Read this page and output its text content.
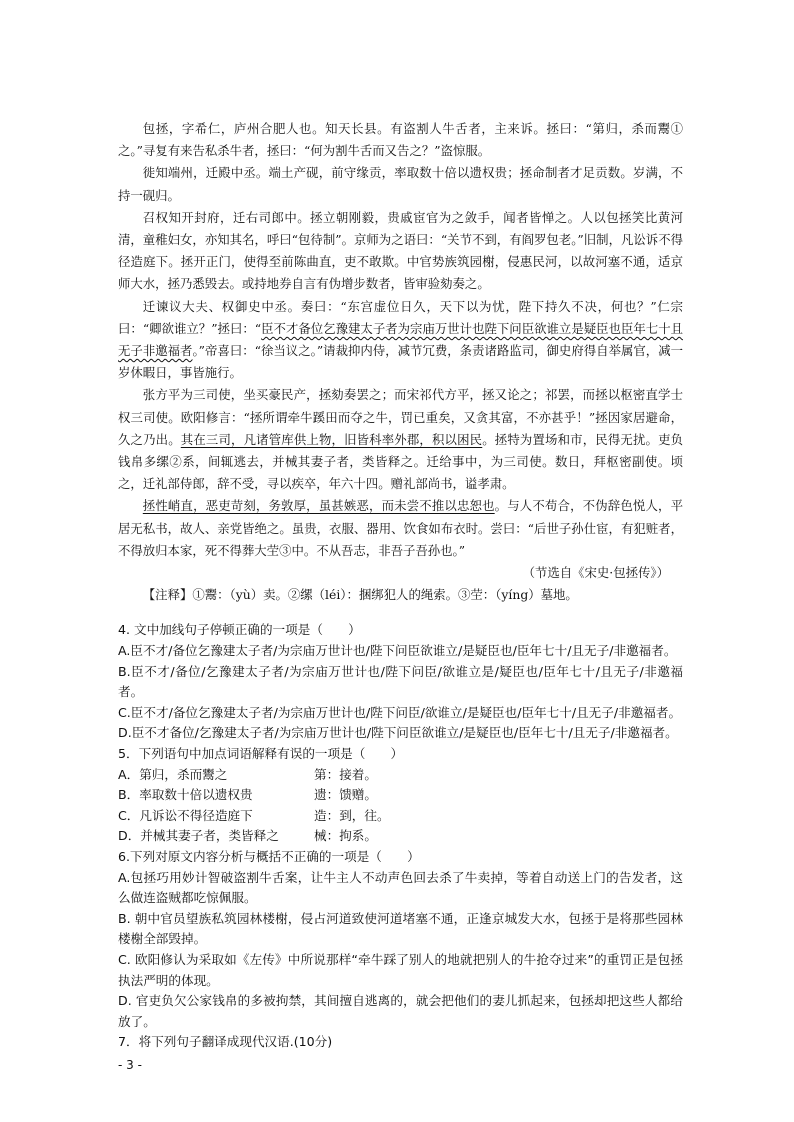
包拯，字希仁，庐州合肥人也。知天长县。有盗割人牛舌者，主来诉。拯曰：“第归，杀而鬻①之。”寻复有来告私杀牛者，拯曰：“何为割牛舌而又告之？”盗惊服。

徙知端州，迁殿中丞。端土产砚，前守缘贡，率取数十倍以遗权贵；拯命制者才足贡数。岁满，不持一砚归。

召权知开封府，迁右司郎中。拯立朝刚毅，贵戚宦官为之敛手，闻者皆惮之。人以包拯笑比黄河清，童稚妇女，亦知其名，呼曰“包待制”。京师为之语曰：“关节不到，有阎罗包老。”旧制，凡讼诉不得径造庭下。拯开正门，使得至前陈曲直，吏不敢欺。中官势族筑园榭，侵惠民河，以故河塞不通，适京师大水，拯乃悉毁去。或持地券自言有伪增步数者，皆审验劾奏之。

迁谏议大夫、权御史中丞。奏曰：“东宫虚位日久，天下以为忧，陛下持久不决，何也？”仁宗曰：“卿欲谁立？”拯曰：“臣不才备位乞豫建太子者为宗庙万世计也陛下问臣欲谁立是疑臣也臣年七十且无子非邀福者。”帝喜曰：“徐当议之。”请裁抑内侍，减节冗费，条责诸路监司，御史府得自举属官，减一岁休暇日，事皆施行。

张方平为三司使，坐买豪民产，拯劾奏罢之；而宋祁代方平，拯又论之；祁罢，而拯以枢密直学士权三司使。欧阳修言：“拯所谓牵牛蹊田而夺之牛，罚已重矣，又贪其富，不亦甚乎！”拯因家居避命，久之乃出。其在三司，凡诸管库供上物，旧皆科率外郡，积以困民。拯特为置场和市，民得无扰。吏负钱帛多缧②系，间辄逃去，并械其妻子者，类皆释之。迁给事中，为三司使。数日，拜枢密副使。顷之，迁礼部侍郎，辞不受，寻以疾卒，年六十四。赠礼部尚书，谥孝肃。

拯性峭直，恶吏苛刻，务敦厚，虽甚嫉恶，而未尝不推以忠恕也。与人不苟合，不伪辞色悦人，平居无私书，故人、亲党皆绝之。虽贵，衣服、器用、饮食如布衣时。尝曰：“后世子孙仕宦，有犯赃者，不得放归本家，死不得葬大茔③中。不从吾志，非吾子吾孙也。”

（节选自《宋史·包拯传》）

【注释】①鬻：（yù）卖。②缧（léi）：捆绑犯人的绳索。③茔：（yíng）墓地。

4. 文中加线句子停顿正确的一项是（　　）

A.臣不才/备位乞豫建太子者/为宗庙万世计也/陛下问臣欲谁立/是疑臣也/臣年七十/且无子/非邀福者。

B.臣不才/备位/乞豫建太子者/为宗庙万世计也/陛下问臣/欲谁立是/疑臣也/臣年七十/且无子/非邀福者。

C.臣不才/备位乞豫建太子者/为宗庙万世计也/陛下问臣/欲谁立/是疑臣也/臣年七十/且无子/非邀福者。

D.臣不才备位/乞豫建太子者/为宗庙万世计也/陛下问臣欲谁立/是疑臣也/臣年七十/且无子/非邀福者。

5．下列语句中加点词语解释有误的一项是（　　）

A．第归，杀而鬻之	第：接着。
B．率取数十倍以遗权贵	遗：馈赠。
C．凡诉讼不得径造庭下	造：到，往。
D．并械其妻子者，类皆释之	械：拘系。

6.下列对原文内容分析与概括不正确的一项是（　　）

A.包拯巧用妙计智破盗割牛舌案，让牛主人不动声色回去杀了牛卖掉，等着自动送上门的告发者，这么做连盗贼都吃惊佩服。

B. 朝中官员望族私筑园林楼榭，侵占河道致使河道堵塞不通，正逢京城发大水，包拯于是将那些园林楼榭全部毁掉。

C. 欧阳修认为采取如《左传》中所说那样“牵牛踩了别人的地就把别人的牛抢夺过来”的重罚正是包拯执法严明的体现。

D. 官吏负欠公家钱帛的多被拘禁，其间擅自逃离的，就会把他们的妻儿抓起来，包拯却把这些人都给放了。

7．将下列句子翻译成现代汉语.(10分)

- 3 -
